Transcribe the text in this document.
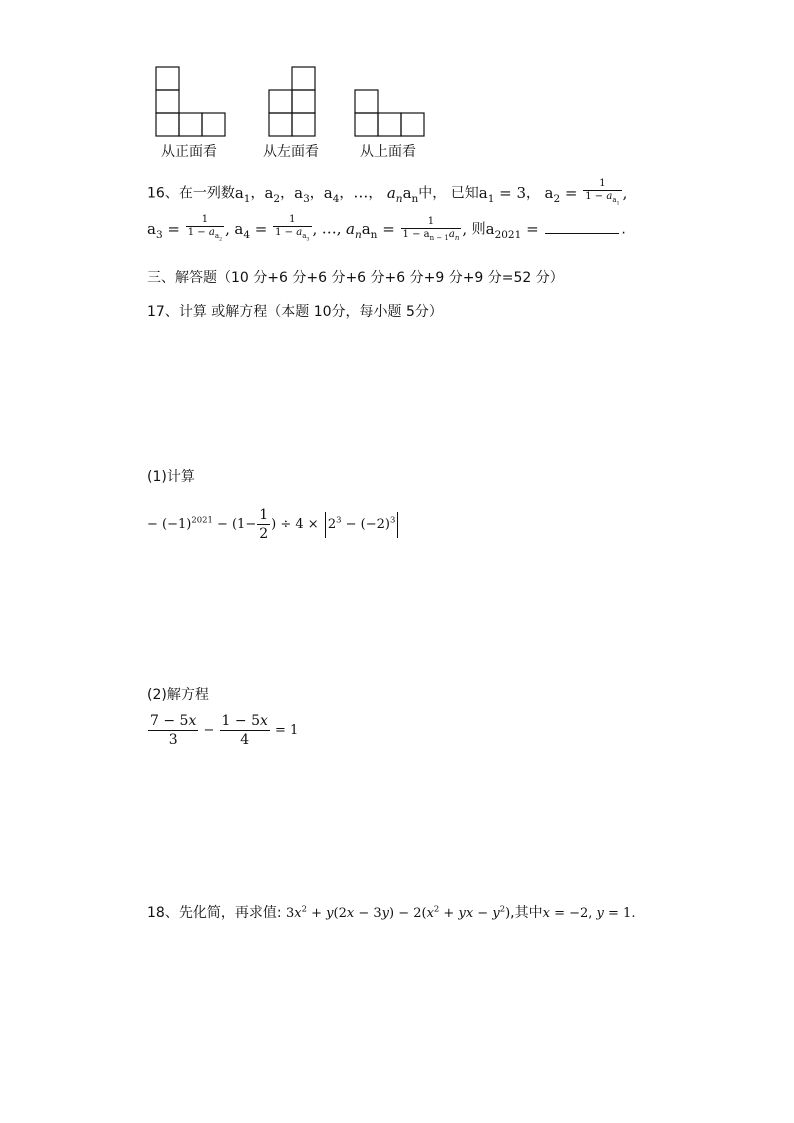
从正面看	从左面看	从上面看
16、在一列数$a_1$，$a_2$，$a_3$，$a_4$，…， $a_na_n$中， 已知$a_1 = 3$， $a_2 = \frac{1}{1 - a_{a_1}}$ ,
$a_3 = \frac{1}{1 - a_{a_2}}$ , $a_4 = \frac{1}{1 - a_{a_3}}$ , …, $a_na_n = \frac{1}{1 - a_{n - 1}a_n}$ , 则$a_{2021}$ =	.
三、解答题（10 分+6 分+6 分+6 分+6 分+9 分+9 分=52 分）
17、计算 或解方程（本题 10分，每小题 5分）
(1)计算
− $(-1)^{2021} - (1- \frac{1}{2}$ ) ÷ $4 \times 2^3 - (-2)^3$
(2)解方程
$\frac{7 - 5x}{3} - \frac{1 - 5x}{4} = 1$
18、先化简，再求值: $3x^2 + y(2x - 3y) - 2(x^2$ + yx − $y^2$),其中x = −2, y = 1.
